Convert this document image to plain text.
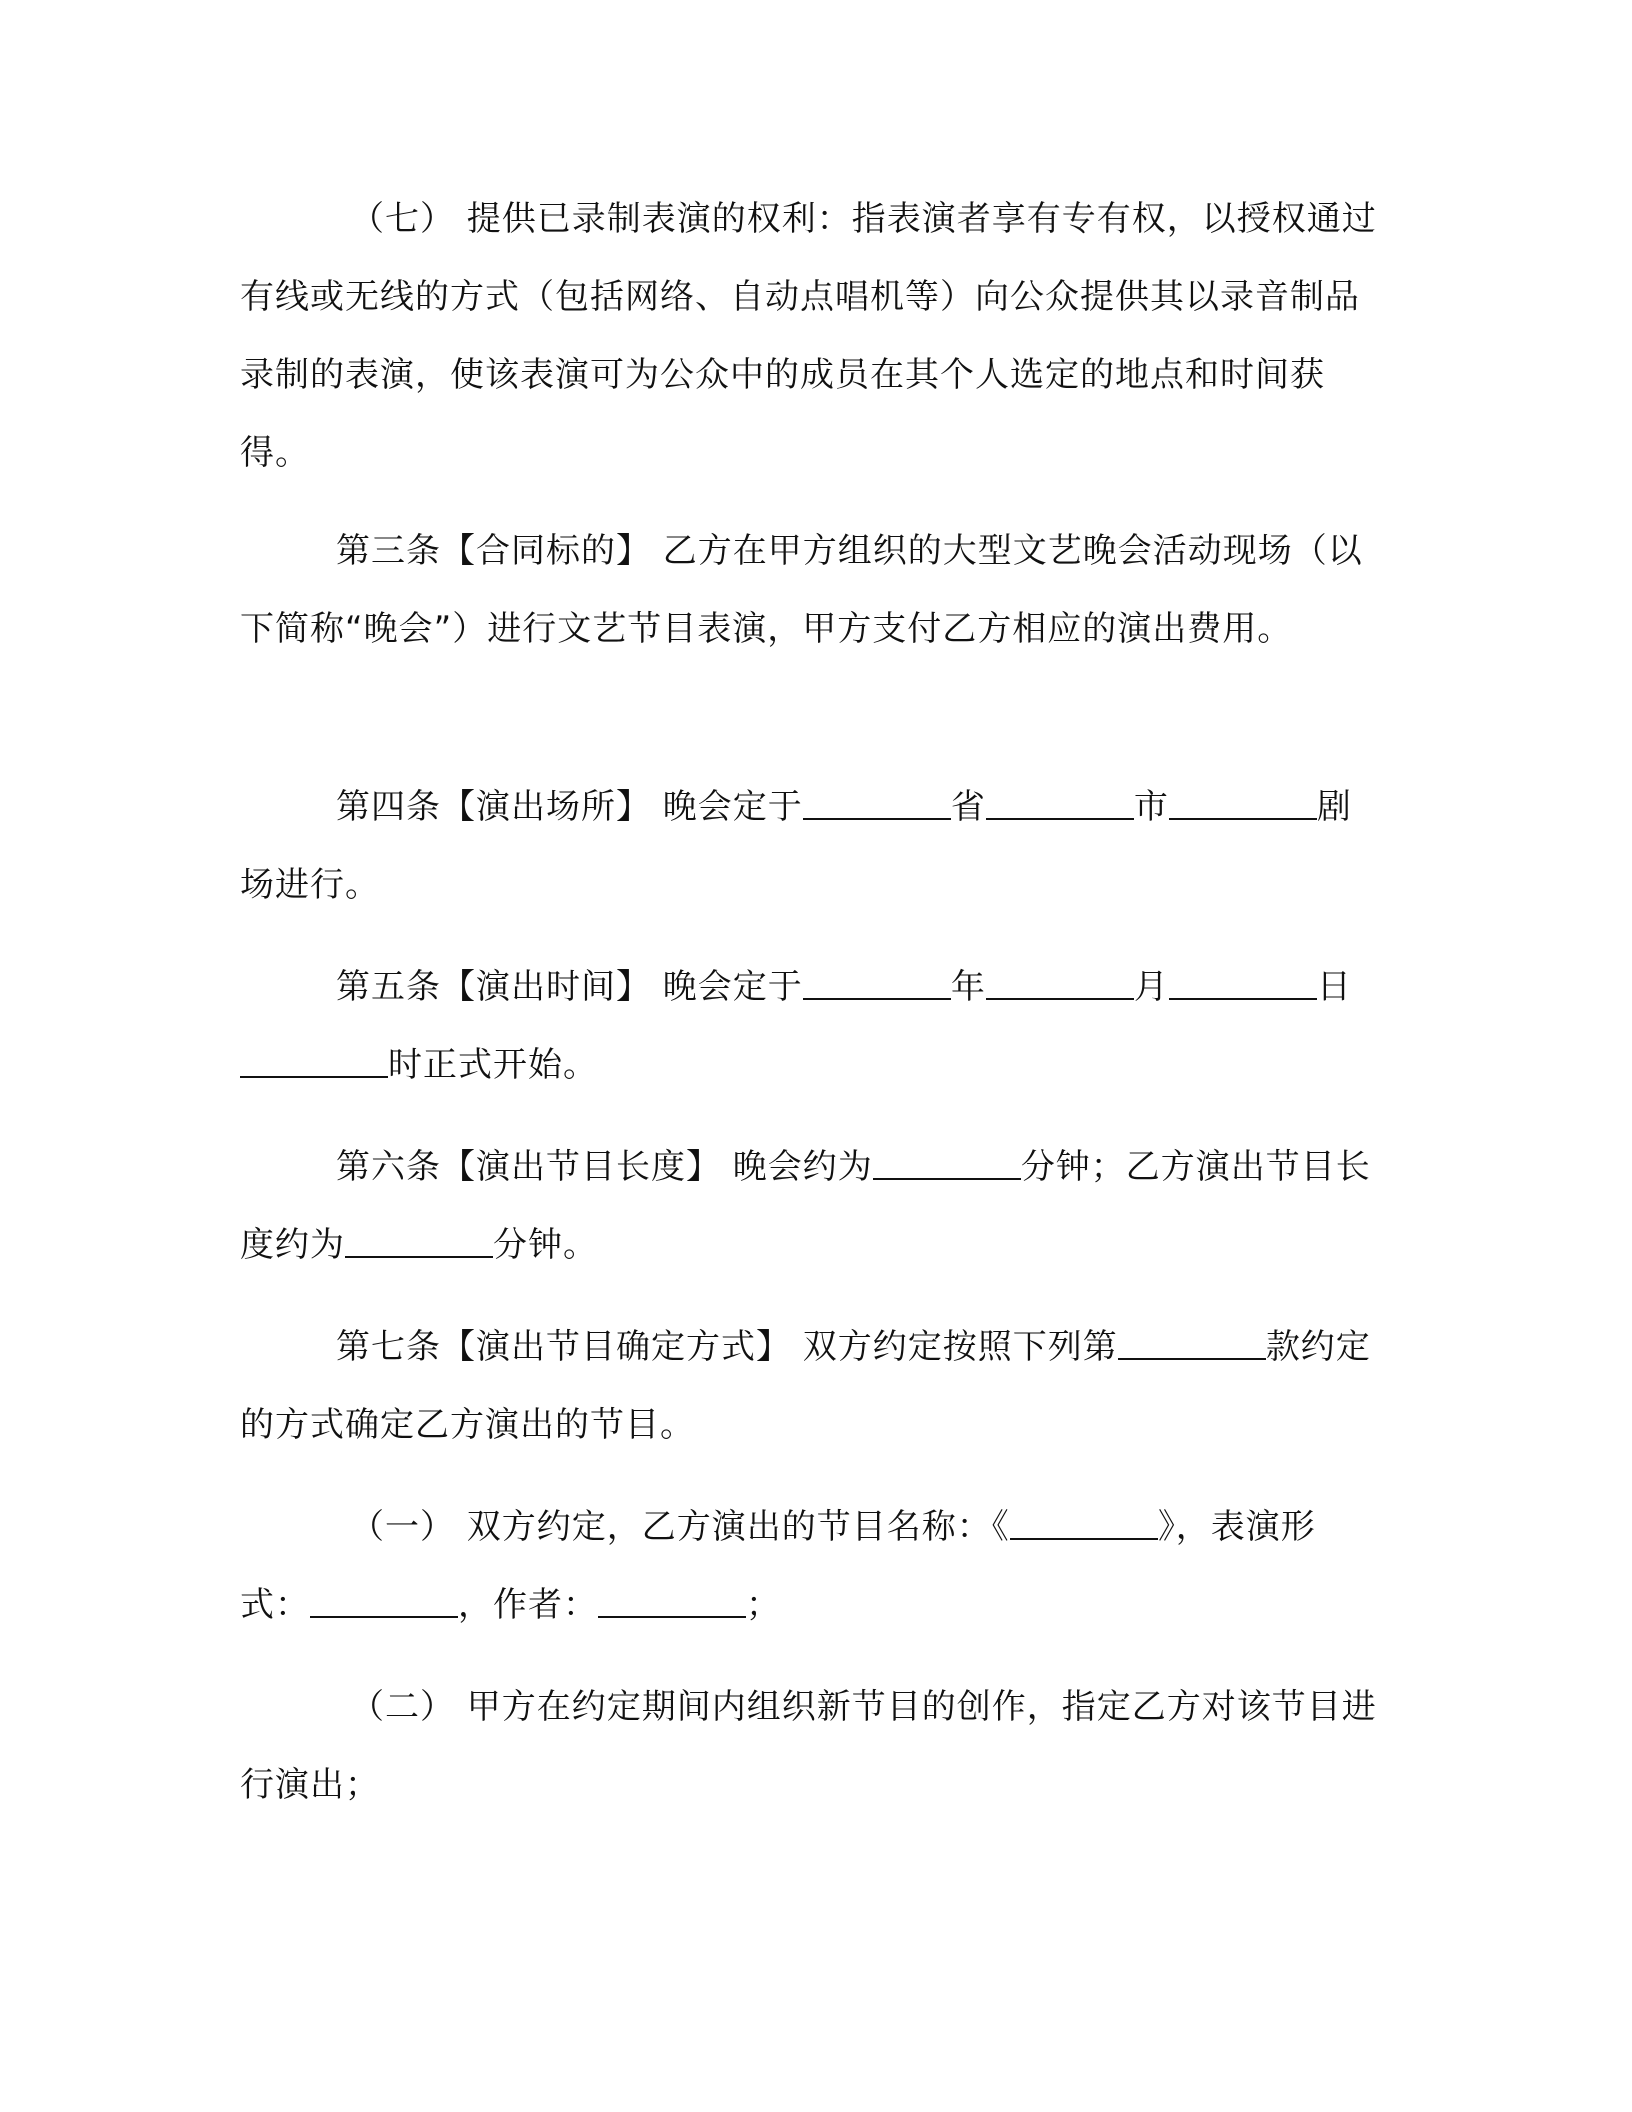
（七） 提供已录制表演的权利：指表演者享有专有权，以授权通过有线或无线的方式（包括网络、自动点唱机等）向公众提供其以录音制品录制的表演，使该表演可为公众中的成员在其个人选定的地点和时间获得。

第三条【合同标的】 乙方在甲方组织的大型文艺晚会活动现场（以下简称“晚会”）进行文艺节目表演，甲方支付乙方相应的演出费用。

第四条【演出场所】 晚会定于	省	市	剧场进行。

第五条【演出时间】 晚会定于	年	月	日时正式开始。

第六条【演出节目长度】 晚会约为	分钟；乙方演出节目长度约为	分钟。

第七条【演出节目确定方式】 双方约定按照下列第	款约定的方式确定乙方演出的节目。

（一） 双方约定，乙方演出的节目名称：《	》，表演形式：	，作者：	；

（二） 甲方在约定期间内组织新节目的创作，指定乙方对该节目进行演出；
